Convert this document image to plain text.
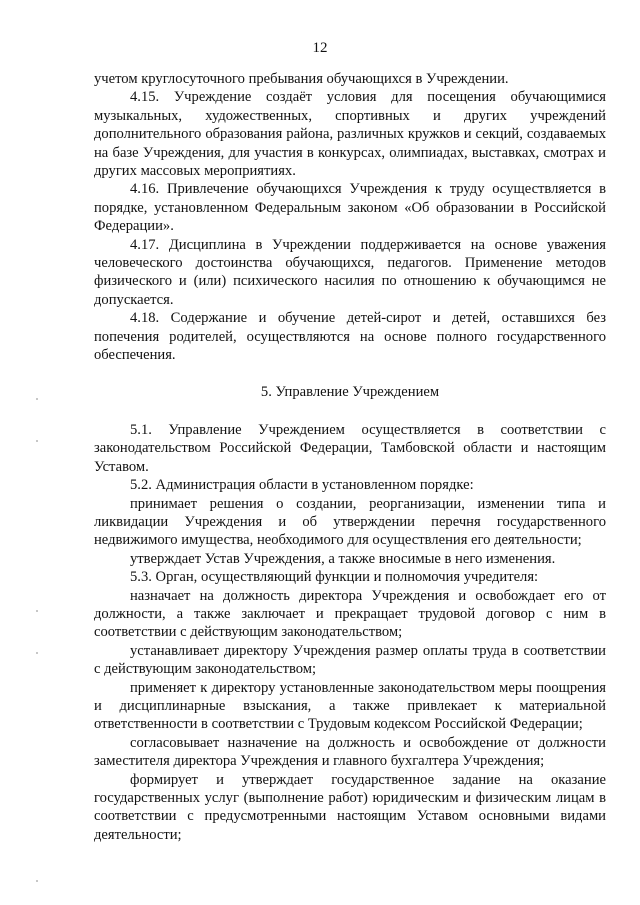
12

учетом круглосуточного пребывания обучающихся в Учреждении.

4.15. Учреждение создаёт условия для посещения обучающимися музыкальных, художественных, спортивных и других учреждений дополнительного образования района, различных кружков и секций, создаваемых на базе Учреждения, для участия в конкурсах, олимпиадах, выставках, смотрах и других массовых мероприятиях.

4.16. Привлечение обучающихся Учреждения к труду осуществляется в порядке, установленном Федеральным законом «Об образовании в Российской Федерации».

4.17. Дисциплина в Учреждении поддерживается на основе уважения человеческого достоинства обучающихся, педагогов. Применение методов физического и (или) психического насилия по отношению к обучающимся не допускается.

4.18. Содержание и обучение детей-сирот и детей, оставшихся без попечения родителей, осуществляются на основе полного государственного обеспечения.

5. Управление Учреждением

5.1. Управление Учреждением осуществляется в соответствии с законодательством Российской Федерации, Тамбовской области и настоящим Уставом.

5.2. Администрация области в установленном порядке:

принимает решения о создании, реорганизации, изменении типа и ликвидации Учреждения и об утверждении перечня государственного недвижимого имущества, необходимого для осуществления его деятельности;

утверждает Устав Учреждения, а также вносимые в него изменения.

5.3. Орган, осуществляющий функции и полномочия учредителя:

назначает на должность директора Учреждения и освобождает его от должности, а также заключает и прекращает трудовой договор с ним в соответствии с действующим законодательством;

устанавливает директору Учреждения размер оплаты труда в соответствии с действующим законодательством;

применяет к директору установленные законодательством меры поощрения и дисциплинарные взыскания, а также привлекает к материальной ответственности в соответствии с Трудовым кодексом Российской Федерации;

согласовывает назначение на должность и освобождение от должности заместителя директора Учреждения и главного бухгалтера Учреждения;

формирует и утверждает государственное задание на оказание государственных услуг (выполнение работ) юридическим и физическим лицам в соответствии с предусмотренными настоящим Уставом основными видами деятельности;
